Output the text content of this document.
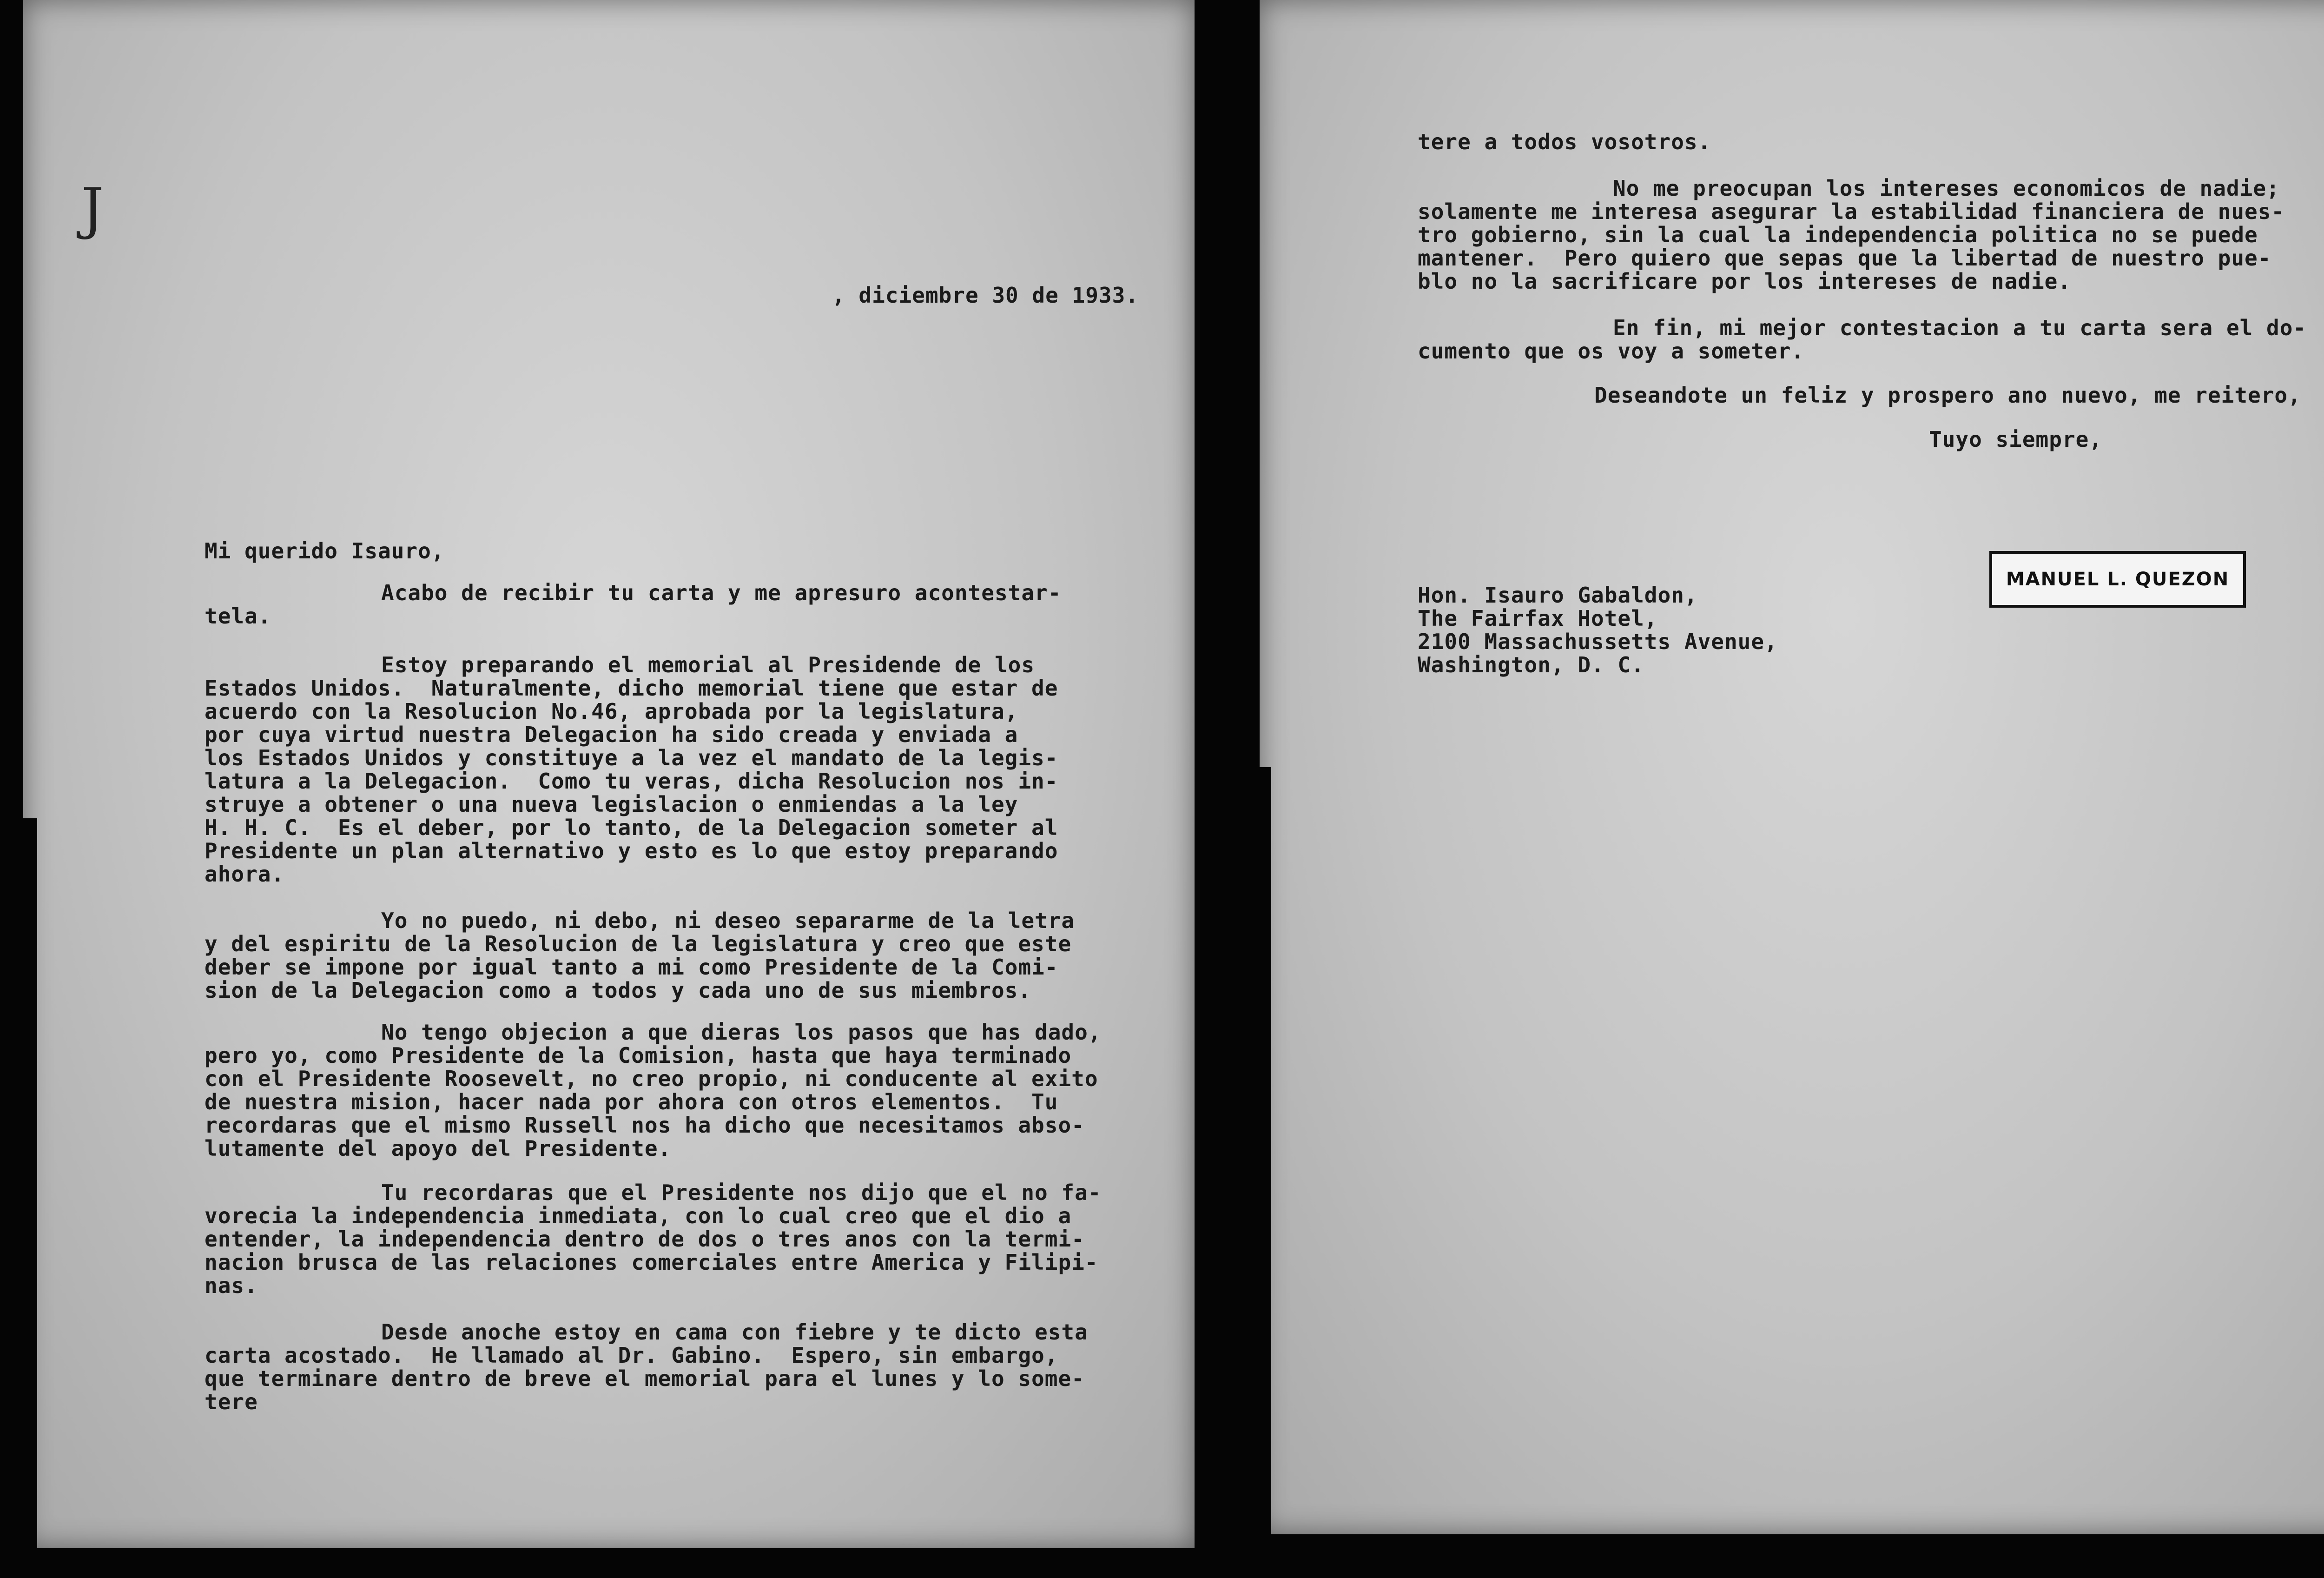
J
, diciembre 30 de 1933.
Mi querido Isauro,
Acabo de recibir tu carta y me apresuro acontestar-
tela.
Estoy preparando el memorial al Presidende de los
Estados Unidos.  Naturalmente, dicho memorial tiene que estar de
acuerdo con la Resolucion No.46, aprobada por la legislatura,
por cuya virtud nuestra Delegacion ha sido creada y enviada a
los Estados Unidos y constituye a la vez el mandato de la legis-
latura a la Delegacion.  Como tu veras, dicha Resolucion nos in-
struye a obtener o una nueva legislacion o enmiendas a la ley
H. H. C.  Es el deber, por lo tanto, de la Delegacion someter al
Presidente un plan alternativo y esto es lo que estoy preparando
ahora.
Yo no puedo, ni debo, ni deseo separarme de la letra
y del espiritu de la Resolucion de la legislatura y creo que este
deber se impone por igual tanto a mi como Presidente de la Comi-
sion de la Delegacion como a todos y cada uno de sus miembros.
No tengo objecion a que dieras los pasos que has dado,
pero yo, como Presidente de la Comision, hasta que haya terminado
con el Presidente Roosevelt, no creo propio, ni conducente al exito
de nuestra mision, hacer nada por ahora con otros elementos.  Tu
recordaras que el mismo Russell nos ha dicho que necesitamos abso-
lutamente del apoyo del Presidente.
Tu recordaras que el Presidente nos dijo que el no fa-
vorecia la independencia inmediata, con lo cual creo que el dio a
entender, la independencia dentro de dos o tres anos con la termi-
nacion brusca de las relaciones comerciales entre America y Filipi-
nas.
Desde anoche estoy en cama con fiebre y te dicto esta
carta acostado.  He llamado al Dr. Gabino.  Espero, sin embargo,
que terminare dentro de breve el memorial para el lunes y lo some-
tere
tere a todos vosotros.
No me preocupan los intereses economicos de nadie;
solamente me interesa asegurar la estabilidad financiera de nues-
tro gobierno, sin la cual la independencia politica no se puede
mantener.  Pero quiero que sepas que la libertad de nuestro pue-
blo no la sacrificare por los intereses de nadie.
En fin, mi mejor contestacion a tu carta sera el do-
cumento que os voy a someter.
Deseandote un feliz y prospero ano nuevo, me reitero,
Tuyo siempre,
MANUEL L. QUEZON
Hon. Isauro Gabaldon,
The Fairfax Hotel,
2100 Massachussetts Avenue,
Washington, D. C.
